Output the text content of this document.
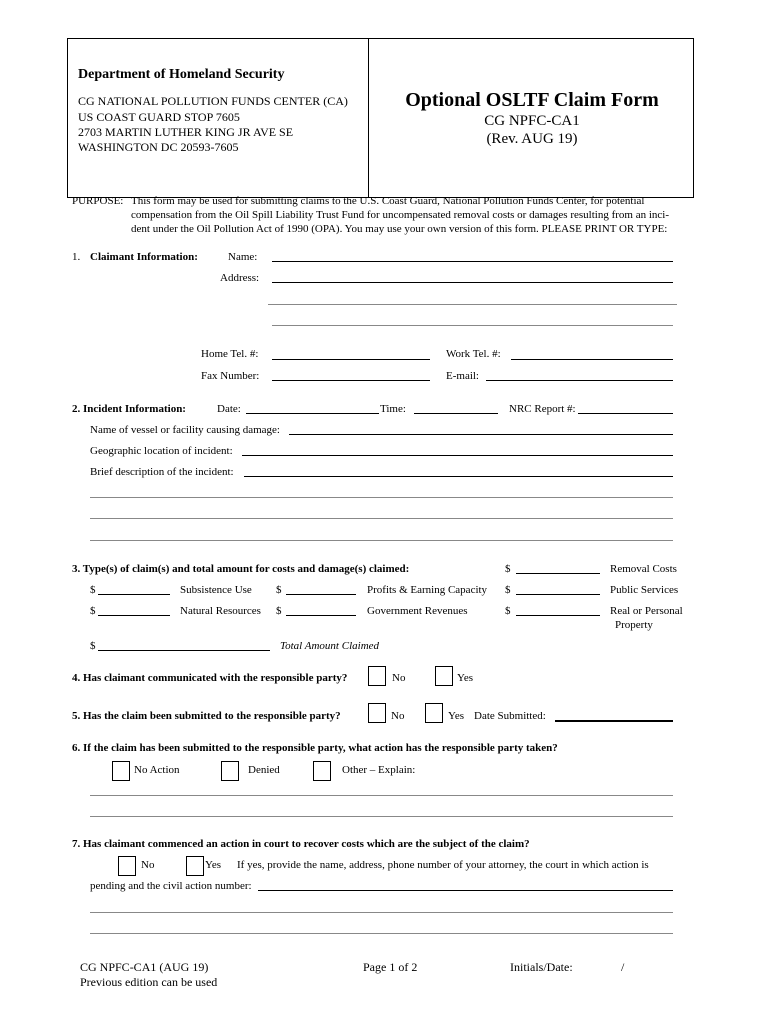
Department of Homeland Security
CG NATIONAL POLLUTION FUNDS CENTER (CA)
US COAST GUARD STOP 7605
2703 MARTIN LUTHER KING JR AVE SE
WASHINGTON DC 20593-7605
Optional OSLTF Claim Form
CG NPFC-CA1
(Rev. AUG 19)
PURPOSE: This form may be used for submitting claims to the U.S. Coast Guard, National Pollution Funds Center, for potential
compensation from the Oil Spill Liability Trust Fund for uncompensated removal costs or damages resulting from an inci-
dent under the Oil Pollution Act of 1990 (OPA). You may use your own version of this form. PLEASE PRINT OR TYPE:
1. Claimant Information:	Name:
Address:
Home Tel. #:	Work Tel. #:
Fax Number:	E-mail:
2. Incident Information:	Date:	Time:	NRC Report #:
Name of vessel or facility causing damage:
Geographic location of incident:
Brief description of the incident:
3. Type(s) of claim(s) and total amount for costs and damage(s) claimed:	$	Removal Costs
$	Subsistence Use $	Profits & Earning Capacity $	Public Services
$	Natural Resources $	Government Revenues	$	Real or Personal
Property
$	Total Amount Claimed
4. Has claimant communicated with the responsible party?	No	Yes
5. Has the claim been submitted to the responsible party?	No	Yes Date Submitted:
6. If the claim has been submitted to the responsible party, what action has the responsible party taken?
No Action	Denied	Other – Explain:
7. Has claimant commenced an action in court to recover costs which are the subject of the claim?
No	Yes If yes, provide the name, address, phone number of your attorney, the court in which action is
pending and the civil action number:
CG NPFC-CA1 (AUG 19)
Previous edition can be used
Page 1 of 2	Initials/Date:	/
